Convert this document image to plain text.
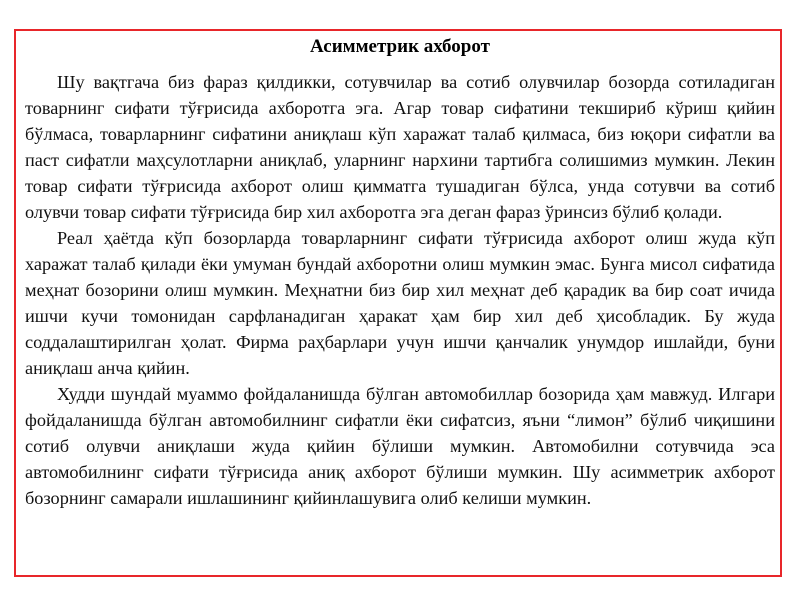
Асимметрик ахборот

Шу вақтгача биз фараз қилдикки, сотувчилар ва сотиб олувчилар бозорда сотиладиган товарнинг сифати тўғрисида ахборотга эга. Агар товар сифатини текшириб кўриш қийин бўлмаса, товарларнинг сифатини аниқлаш кўп харажат талаб қилмаса, биз юқори сифатли ва паст сифатли маҳсулотларни аниқлаб, уларнинг нархини тартибга солишимиз мумкин. Лекин товар сифати тўғрисида ахборот олиш қимматга тушадиган бўлса, унда сотувчи ва сотиб олувчи товар сифати тўғрисида бир хил ахборотга эга деган фараз ўринсиз бўлиб қолади.

Реал ҳаётда кўп бозорларда товарларнинг сифати тўғрисида ахборот олиш жуда кўп харажат талаб қилади ёки умуман бундай ахборотни олиш мумкин эмас. Бунга мисол сифатида меҳнат бозорини олиш мумкин. Меҳнатни биз бир хил меҳнат деб қарадик ва бир соат ичида ишчи кучи томонидан сарфланадиган ҳаракат ҳам бир хил деб ҳисобладик. Бу жуда соддалаштирилган ҳолат. Фирма раҳбарлари учун ишчи қанчалик унумдор ишлайди, буни аниқлаш анча қийин.

Худди шундай муаммо фойдаланишда бўлган автомобиллар бозорида ҳам мавжуд. Илгари фойдаланишда бўлган автомобилнинг сифатли ёки сифатсиз, яъни “лимон” бўлиб чиқишини сотиб олувчи аниқлаши жуда қийин бўлиши мумкин. Автомобилни сотувчида эса автомобилнинг сифати тўғрисида аниқ ахборот бўлиши мумкин. Шу асимметрик ахборот бозорнинг самарали ишлашининг қийинлашувига олиб келиши мумкин.
